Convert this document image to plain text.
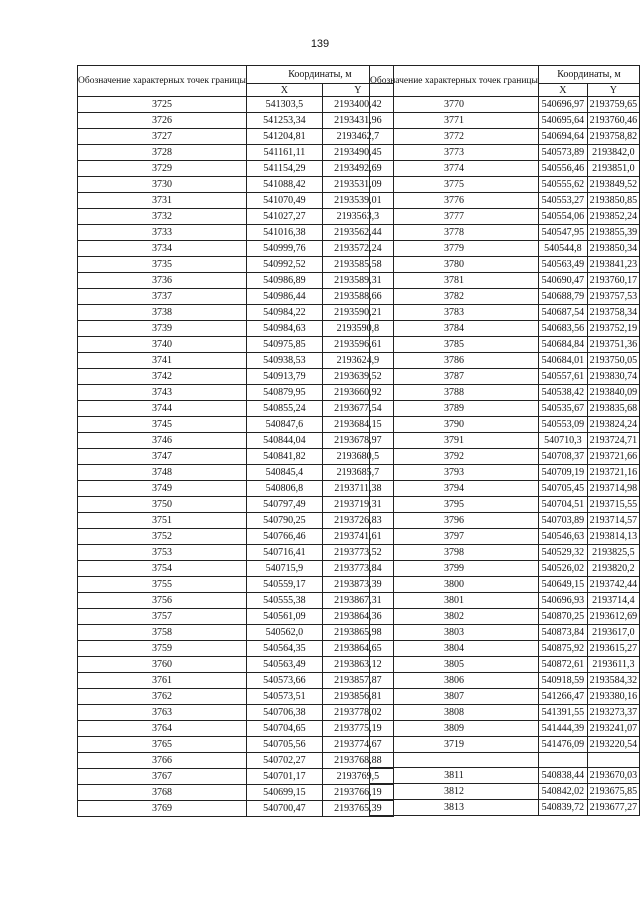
139
Обозначение характерных точек границы	Координаты, м	
	X	Y
3725	541303,5	2193400,42
3726	541253,34	2193431,96
3727	541204,81	2193462,7
3728	541161,11	2193490,45
3729	541154,29	2193492,69
3730	541088,42	2193531,09
3731	541070,49	2193539,01
3732	541027,27	2193563,3
3733	541016,38	2193562,44
3734	540999,76	2193572,24
3735	540992,52	2193585,58
3736	540986,89	2193589,31
3737	540986,44	2193588,66
3738	540984,22	2193590,21
3739	540984,63	2193590,8
3740	540975,85	2193596,61
3741	540938,53	2193624,9
3742	540913,79	2193639,52
3743	540879,95	2193660,92
3744	540855,24	2193677,54
3745	540847,6	2193684,15
3746	540844,04	2193678,97
3747	540841,82	2193680,5
3748	540845,4	2193685,7
3749	540806,8	2193711,38
3750	540797,49	2193719,31
3751	540790,25	2193726,83
3752	540766,46	2193741,61
3753	540716,41	2193773,52
3754	540715,9	2193773,84
3755	540559,17	2193873,39
3756	540555,38	2193867,31
3757	540561,09	2193864,36
3758	540562,0	2193865,98
3759	540564,35	2193864,65
3760	540563,49	2193863,12
3761	540573,66	2193857,87
3762	540573,51	2193856,81
3763	540706,38	2193778,02
3764	540704,65	2193775,19
3765	540705,56	2193774,67
3766	540702,27	2193768,88
3767	540701,17	2193769,5
3768	540699,15	2193766,19
3769	540700,47	2193765,39
Обозначение характерных точек границы	Координаты, м	
	X	Y
3770	540696,97	2193759,65
3771	540695,64	2193760,46
3772	540694,64	2193758,82
3773	540573,89	2193842,0
3774	540556,46	2193851,0
3775	540555,62	2193849,52
3776	540553,27	2193850,85
3777	540554,06	2193852,24
3778	540547,95	2193855,39
3779	540544,8	2193850,34
3780	540563,49	2193841,23
3781	540690,47	2193760,17
3782	540688,79	2193757,53
3783	540687,54	2193758,34
3784	540683,56	2193752,19
3785	540684,84	2193751,36
3786	540684,01	2193750,05
3787	540557,61	2193830,74
3788	540538,42	2193840,09
3789	540535,67	2193835,68
3790	540553,09	2193824,24
3791	540710,3	2193724,71
3792	540708,37	2193721,66
3793	540709,19	2193721,16
3794	540705,45	2193714,98
3795	540704,51	2193715,55
3796	540703,89	2193714,57
3797	540546,63	2193814,13
3798	540529,32	2193825,5
3799	540526,02	2193820,2
3800	540649,15	2193742,44
3801	540696,93	2193714,4
3802	540870,25	2193612,69
3803	540873,84	2193617,0
3804	540875,92	2193615,27
3805	540872,61	2193611,3
3806	540918,59	2193584,32
3807	541266,47	2193380,16
3808	541391,55	2193273,37
3809	541444,39	2193241,07
3719	541476,09	2193220,54

3811	540838,44	2193670,03
3812	540842,02	2193675,85
3813	540839,72	2193677,27
